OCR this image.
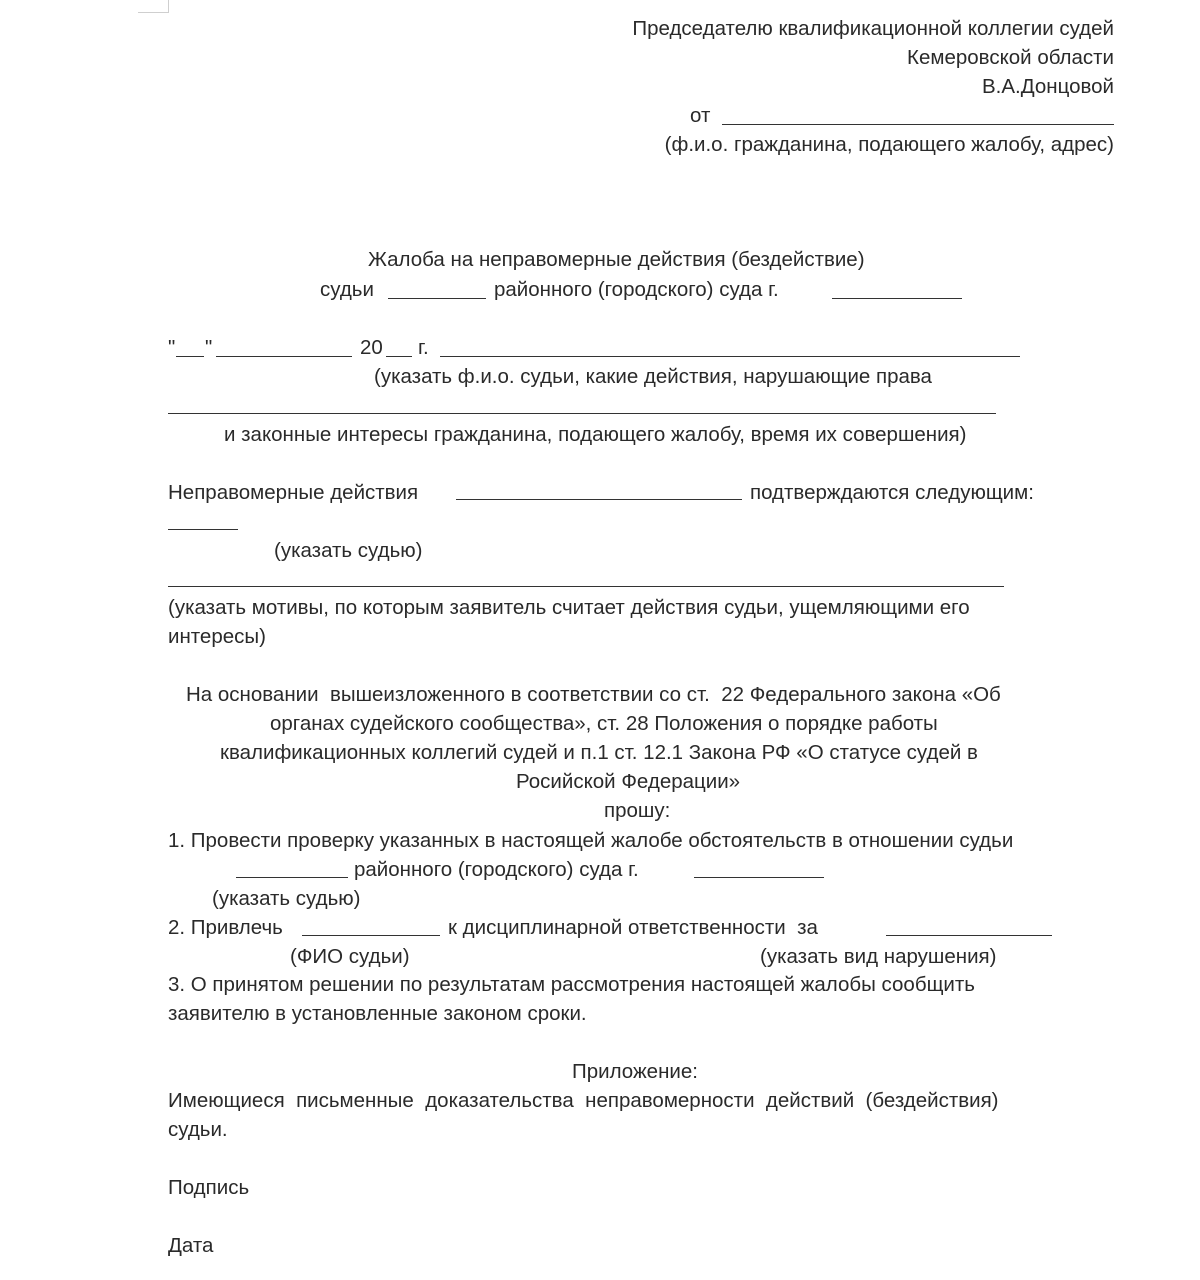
Председателю квалификационной коллегии судей
Кемеровской области
В.А.Донцовой
от
(ф.и.о. гражданина, подающего жалобу, адрес)
Жалоба на неправомерные действия (бездействие)
судьи	районного (городского) суда г.
" "	20 г.
(указать ф.и.о. судьи, какие действия, нарушающие права
и законные интересы гражданина, подающего жалобу, время их совершения)
Неправомерные действия	подтверждаются следующим:
(указать судью)
(указать мотивы, по которым заявитель считает действия судьи, ущемляющими его
интересы)
На основании  вышеизложенного в соответствии со ст.  22 Федерального закона «Об
органах судейского сообщества», ст. 28 Положения о порядке работы
квалификационных коллегий судей и п.1 ст. 12.1 Закона РФ «О статусе судей в
Росийской Федерации»
прошу:
1. Провести проверку указанных в настоящей жалобе обстоятельств в отношении судьи
районного (городского) суда г.
(указать судью)
2. Привлечь	к дисциплинарной ответственности  за
(ФИО судьи)	(указать вид нарушения)
3. О принятом решении по результатам рассмотрения настоящей жалобы сообщить
заявителю в установленные законом сроки.
Приложение:
Имеющиеся  письменные  доказательства  неправомерности  действий  (бездействия)
судьи.
Подпись
Дата
